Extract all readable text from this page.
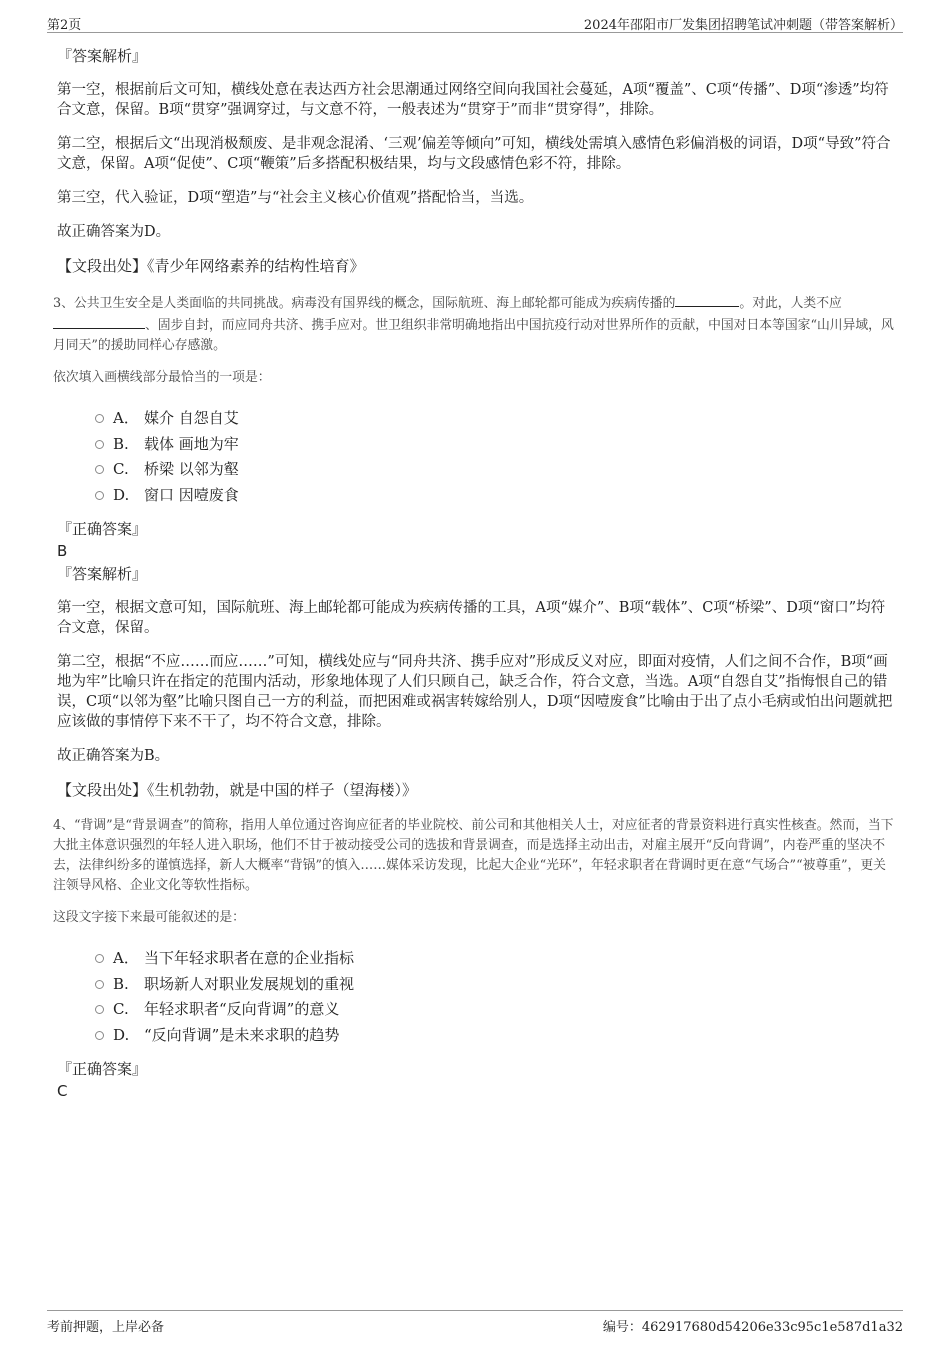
第2页	2024年邵阳市厂发集团招聘笔试冲刺题（带答案解析）
『答案解析』

第一空，根据前后文可知，横线处意在表达西方社会思潮通过网络空间向我国社会蔓延，A项“覆盖”、C项“传播”、D项“渗透”均符合文意，保留。B项“贯穿”强调穿过，与文意不符，一般表述为“贯穿于”而非“贯穿得”，排除。

第二空，根据后文“出现消极颓废、是非观念混淆、‘三观’偏差等倾向”可知，横线处需填入感情色彩偏消极的词语，D项“导致”符合文意，保留。A项“促使”、C项“鞭策”后多搭配积极结果，均与文段感情色彩不符，排除。

第三空，代入验证，D项“塑造”与“社会主义核心价值观”搭配恰当，当选。

故正确答案为D。

【文段出处】《青少年网络素养的结构性培育》
3、公共卫生安全是人类面临的共同挑战。病毒没有国界线的概念，国际航班、海上邮轮都可能成为疾病传播的	。对此，人类不应、固步自封，而应同舟共济、携手应对。世卫组织非常明确地指出中国抗疫行动对世界所作的贡献，中国对日本等国家“山川异域，风月同天”的援助同样心存感激。
依次填入画横线部分最恰当的一项是：
A． 媒介 自怨自艾
B.	载体 画地为牢
C.	桥梁 以邻为壑
D. 窗口 因噎废食
『正确答案』
B
『答案解析』

第一空，根据文意可知，国际航班、海上邮轮都可能成为疾病传播的工具，A项“媒介”、B项“载体”、C项“桥梁”、D项“窗口”均符合文意，保留。

第二空，根据“不应……而应……”可知，横线处应与“同舟共济、携手应对”形成反义对应，即面对疫情，人们之间不合作，B项“画地为牢”比喻只许在指定的范围内活动，形象地体现了人们只顾自己，缺乏合作，符合文意，当选。A项“自怨自艾”指悔恨自己的错误，C项“以邻为壑”比喻只图自己一方的利益，而把困难或祸害转嫁给别人，D项“因噎废食”比喻由于出了点小毛病或怕出问题就把应该做的事情停下来不干了，均不符合文意，排除。

故正确答案为B。

【文段出处】《生机勃勃，就是中国的样子（望海楼）》
4、“背调”是“背景调查”的简称，指用人单位通过咨询应征者的毕业院校、前公司和其他相关人士，对应征者的背景资料进行真实性核查。然而，当下大批主体意识强烈的年轻人进入职场，他们不甘于被动接受公司的选拔和背景调查，而是选择主动出击，对雇主展开“反向背调”，内卷严重的坚决不去，法律纠纷多的谨慎选择，新人大概率“背锅”的慎入……媒体采访发现，比起大企业“光环”，年轻求职者在背调时更在意“气场合”“被尊重”，更关注领导风格、企业文化等软性指标。
这段文字接下来最可能叙述的是：
A． 当下年轻求职者在意的企业指标
B.	职场新人对职业发展规划的重视
C.	年轻求职者“反向背调”的意义
D. “反向背调”是未来求职的趋势
『正确答案』
C
考前押题，上岸必备	编号：462917680d54206e33c95c1e587d1a32
